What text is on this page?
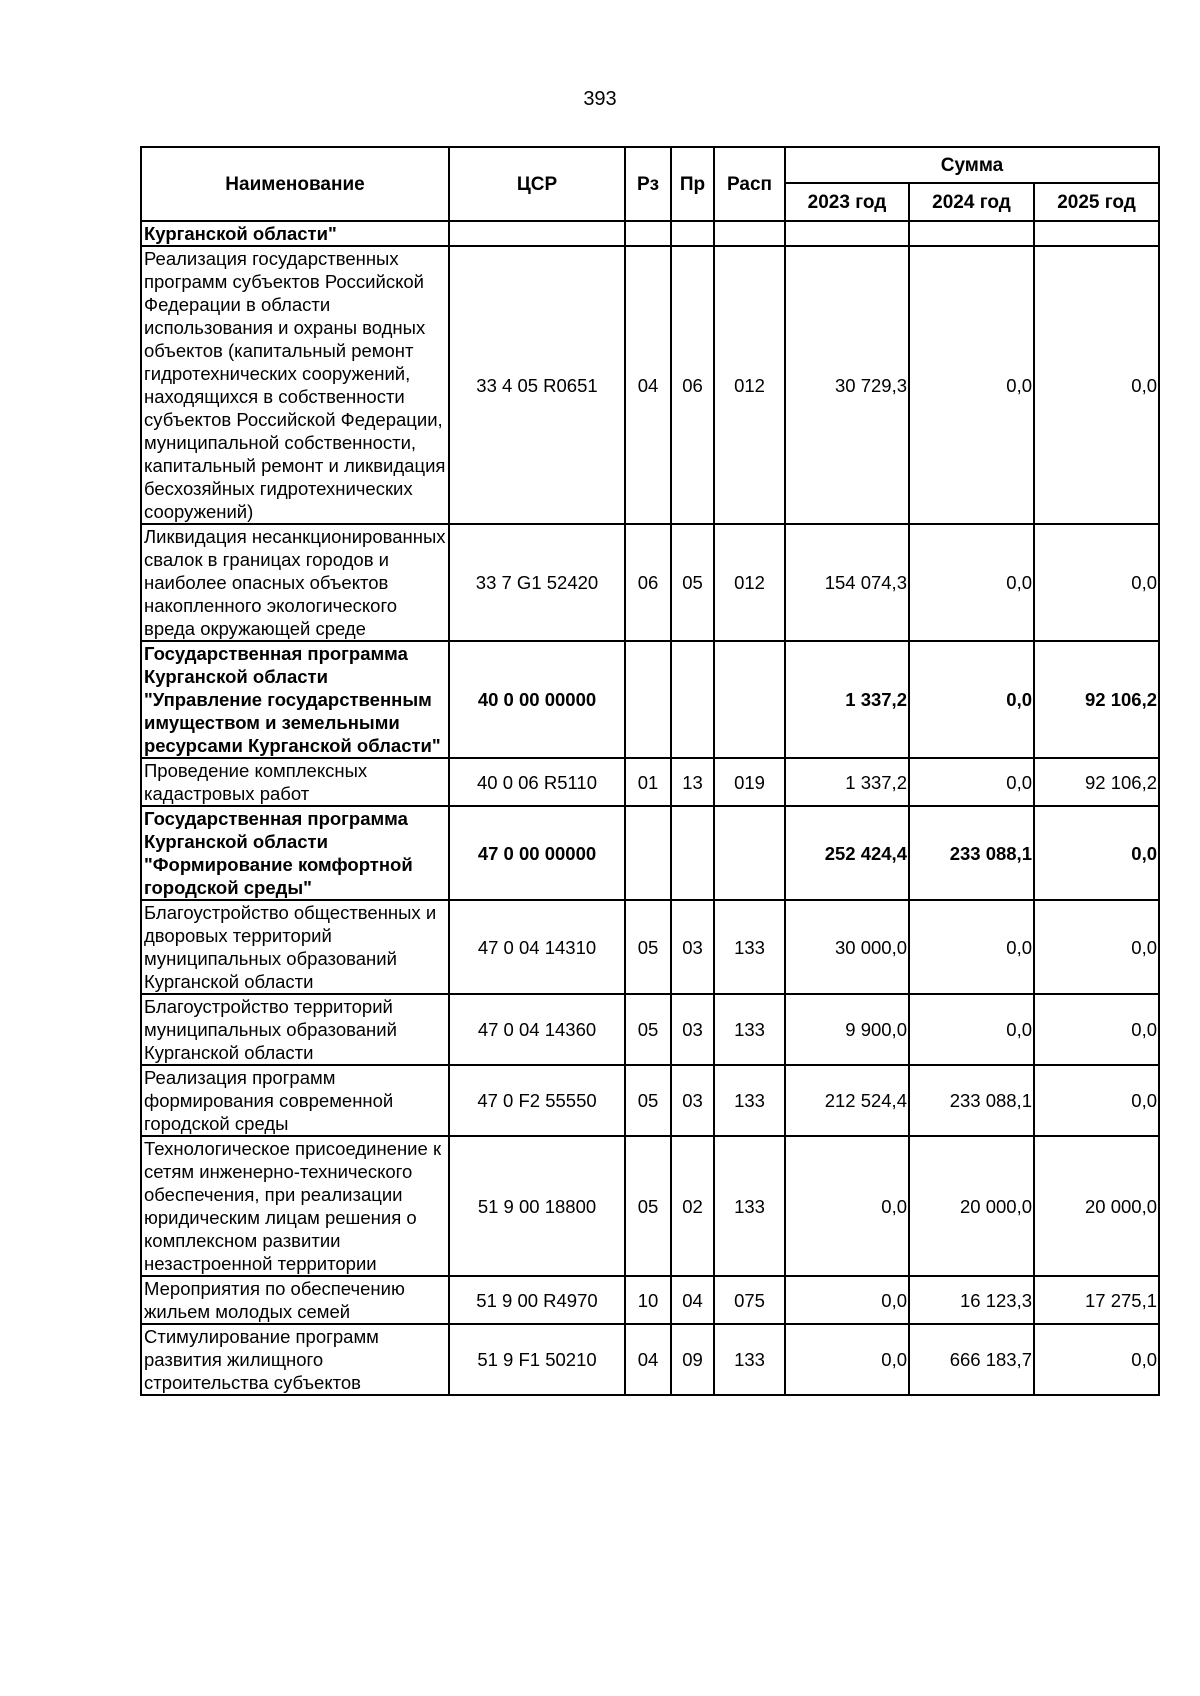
393
Наименование	ЦСР	Рз	Пр	Расп	Сумма		
					2023 год	2024 год	2025 год
Курганской области"							
Реализация государственных программ субъектов Российской Федерации в области использования и охраны водных объектов (капитальный ремонт гидротехнических сооружений, находящихся в собственности субъектов Российской Федерации, муниципальной собственности, капитальный ремонт и ликвидация бесхозяйных гидротехнических сооружений)	33 4 05 R0651	04	06	012	30 729,3	0,0	0,0
Ликвидация несанкционированных свалок в границах городов и наиболее опасных объектов накопленного экологического вреда окружающей среде	33 7 G1 52420	06	05	012	154 074,3	0,0	0,0
Государственная программа Курганской области "Управление государственным имуществом и земельными ресурсами Курганской области"	40 0 00 00000				1 337,2	0,0	92 106,2
Проведение комплексных кадастровых работ	40 0 06 R5110	01	13	019	1 337,2	0,0	92 106,2
Государственная программа Курганской области "Формирование комфортной городской среды"	47 0 00 00000				252 424,4	233 088,1	0,0
Благоустройство общественных и дворовых территорий муниципальных образований Курганской области	47 0 04 14310	05	03	133	30 000,0	0,0	0,0
Благоустройство территорий муниципальных образований Курганской области	47 0 04 14360	05	03	133	9 900,0	0,0	0,0
Реализация программ формирования современной городской среды	47 0 F2 55550	05	03	133	212 524,4	233 088,1	0,0
Технологическое присоединение к сетям инженерно-технического обеспечения, при реализации юридическим лицам решения о комплексном развитии незастроенной территории	51 9 00 18800	05	02	133	0,0	20 000,0	20 000,0
Мероприятия по обеспечению жильем молодых семей	51 9 00 R4970	10	04	075	0,0	16 123,3	17 275,1
Стимулирование программ развития жилищного строительства субъектов	51 9 F1 50210	04	09	133	0,0	666 183,7	0,0
